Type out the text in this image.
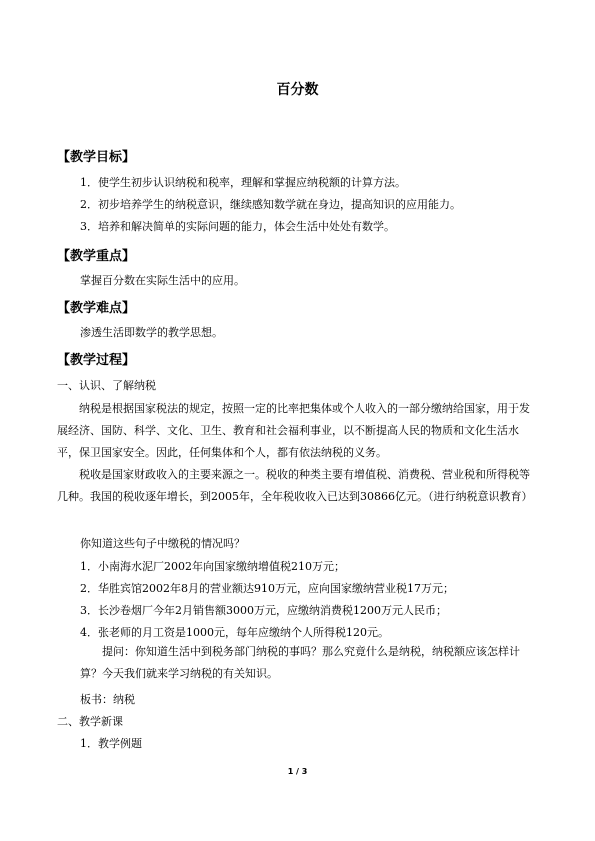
百分数
【教学目标】
1．使学生初步认识纳税和税率，理解和掌握应纳税额的计算方法。
2．初步培养学生的纳税意识，继续感知数学就在身边，提高知识的应用能力。
3．培养和解决简单的实际问题的能力，体会生活中处处有数学。
【教学重点】
掌握百分数在实际生活中的应用。
【教学难点】
渗透生活即数学的教学思想。
【教学过程】
一、认识、了解纳税
纳税是根据国家税法的规定，按照一定的比率把集体或个人收入的一部分缴纳给国家，用于发展经济、国防、科学、文化、卫生、教育和社会福利事业，以不断提高人民的物质和文化生活水平，保卫国家安全。因此，任何集体和个人，都有依法纳税的义务。
税收是国家财政收入的主要来源之一。税收的种类主要有增值税、消费税、营业税和所得税等几种。我国的税收逐年增长，到2005年，全年税收收入已达到30866亿元。（进行纳税意识教育）
你知道这些句子中缴税的情况吗？
1．小南海水泥厂2002年向国家缴纳增值税210万元；
2．华胜宾馆2002年8月的营业额达910万元，应向国家缴纳营业税17万元；
3．长沙卷烟厂今年2月销售额3000万元，应缴纳消费税1200万元人民币；
4．张老师的月工资是1000元，每年应缴纳个人所得税120元。
提问：你知道生活中到税务部门纳税的事吗？那么究竟什么是纳税，纳税额应该怎样计算？今天我们就来学习纳税的有关知识。
板书：纳税
二、教学新课
1．教学例题
1 / 3
